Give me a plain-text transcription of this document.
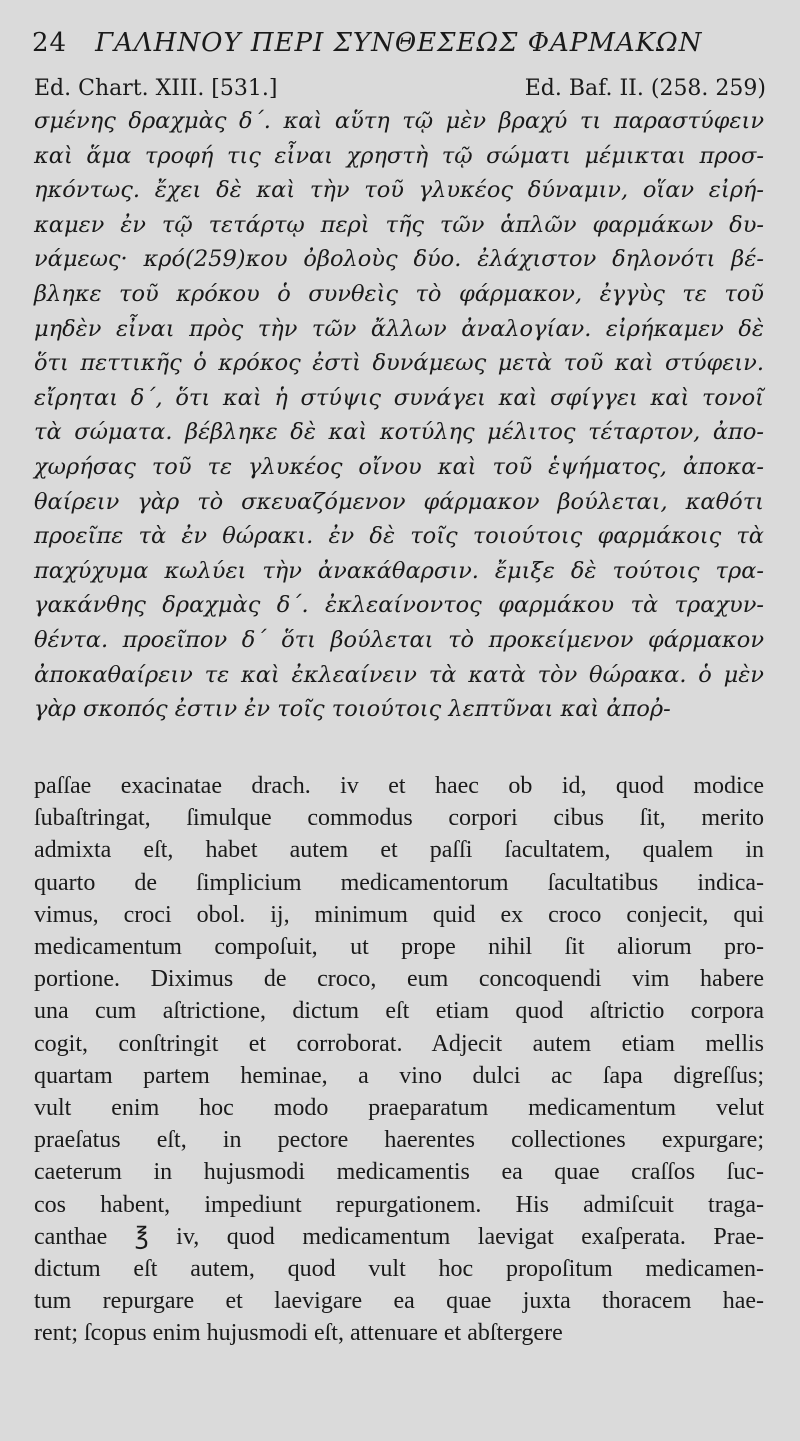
24 ΓΑΛΗΝΟΥ ΠΕΡΙ ΣΥΝΘΕΣΕΩΣ ΦΑΡΜΑΚΩΝ
Ed. Chart. XIII. [531.]	Ed. Baf. II. (258. 259)
σμένης δραχμὰς δ΄. καὶ αὕτη τῷ μὲν βραχύ τι παραστύφειν
καὶ ἅμα τροφή τις εἶναι χρηστὴ τῷ σώματι μέμικται προσ-
ηκόντως. ἔχει δὲ καὶ τὴν τοῦ γλυκέος δύναμιν, οἵαν εἰρή-
καμεν ἐν τῷ τετάρτῳ περὶ τῆς τῶν ἁπλῶν φαρμάκων δυ-
νάμεως· κρό(259)κου ὀβολοὺς δύο. ἐλάχιστον δηλονότι βέ-
βληκε τοῦ κρόκου ὁ συνθεὶς τὸ φάρμακον, ἐγγὺς τε τοῦ
μηδὲν εἶναι πρὸς τὴν τῶν ἄλλων ἀναλογίαν. εἰρήκαμεν δὲ
ὅτι πεττικῆς ὁ κρόκος ἐστὶ δυνάμεως μετὰ τοῦ καὶ στύφειν.
εἴρηται δ΄, ὅτι καὶ ἡ στύψις συνάγει καὶ σφίγγει καὶ τονοῖ
τὰ σώματα. βέβληκε δὲ καὶ κοτύλης μέλιτος τέταρτον, ἀπο-
χωρήσας τοῦ τε γλυκέος οἴνου καὶ τοῦ ἑψήματος, ἀποκα-
θαίρειν γὰρ τὸ σκευαζόμενον φάρμακον βούλεται, καθότι
προεῖπε τὰ ἐν θώρακι. ἐν δὲ τοῖς τοιούτοις φαρμάκοις τὰ
παχύχυμα κωλύει τὴν ἀνακάθαρσιν. ἔμιξε δὲ τούτοις τρα-
γακάνθης δραχμὰς δ΄. ἐκλεαίνοντος φαρμάκου τὰ τραχυν-
θέντα. προεῖπον δ΄ ὅτι βούλεται τὸ προκείμενον φάρμακον
ἀποκαθαίρειν τε καὶ ἐκλεαίνειν τὰ κατὰ τὸν θώρακα. ὁ μὲν
γὰρ σκοπός ἐστιν ἐν τοῖς τοιούτοις λεπτῦναι καὶ ἀποῤ-
paſſae exacinatae drach. iv et haec ob id, quod modice
ſubaſtringat, ſimulque commodus corpori cibus ſit, merito
admixta eſt, habet autem et paſſi ſacultatem, qualem in
quarto de ſimplicium medicamentorum ſacultatibus indica-
vimus, croci obol. ij, minimum quid ex croco conjecit, qui
medicamentum compoſuit, ut prope nihil ſit aliorum pro-
portione. Diximus de croco, eum concoquendi vim habere
una cum aſtrictione, dictum eſt etiam quod aſtrictio corpora
cogit, conſtringit et corroborat. Adjecit autem etiam mellis
quartam partem heminae, a vino dulci ac ſapa digreſſus;
vult enim hoc modo praeparatum medicamentum velut
praeſatus eſt, in pectore haerentes collectiones expurgare;
caeterum in hujusmodi medicamentis ea quae craſſos ſuc-
cos habent, impediunt repurgationem. His admiſcuit traga-
canthae ℥ iv, quod medicamentum laevigat exaſperata. Prae-
dictum eſt autem, quod vult hoc propoſitum medicamen-
tum repurgare et laevigare ea quae juxta thoracem hae-
rent; ſcopus enim hujusmodi eſt, attenuare et abſtergere
